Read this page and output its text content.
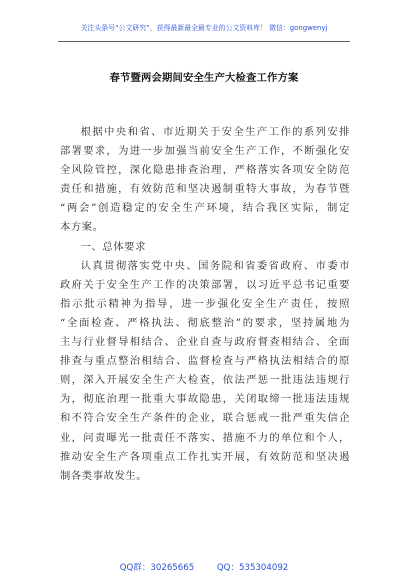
关注头条号“公文研究”，获得最新最全最专业的公文资料库！ 微信：gongwenyj
春节暨两会期间安全生产大检查工作方案
根据中央和省、市近期关于安全生产工作的系列安排
部署要求，为进一步加强当前安全生产工作，不断强化安
全风险管控，深化隐患排查治理，严格落实各项安全防范
责任和措施，有效防范和坚决遏制重特大事故，为春节暨
“两会”创造稳定的安全生产环境，结合我区实际，制定
本方案。
一、总体要求
认真贯彻落实党中央、国务院和省委省政府、市委市
政府关于安全生产工作的决策部署，以习近平总书记重要
指示批示精神为指导，进一步强化安全生产责任，按照
“全面检查、严格执法、彻底整治”的要求，坚持属地为
主与行业督导相结合、企业自查与政府督查相结合、全面
排查与重点整治相结合、监督检查与严格执法相结合的原
则，深入开展安全生产大检查，依法严惩一批违法违规行
为，彻底治理一批重大事故隐患，关闭取缔一批违法违规
和不符合安全生产条件的企业，联合惩戒一批严重失信企
业，问责曝光一批责任不落实、措施不力的单位和个人，
推动安全生产各项重点工作扎实开展，有效防范和坚决遏
制各类事故发生。
QQ群：30265665	QQ：535304092
